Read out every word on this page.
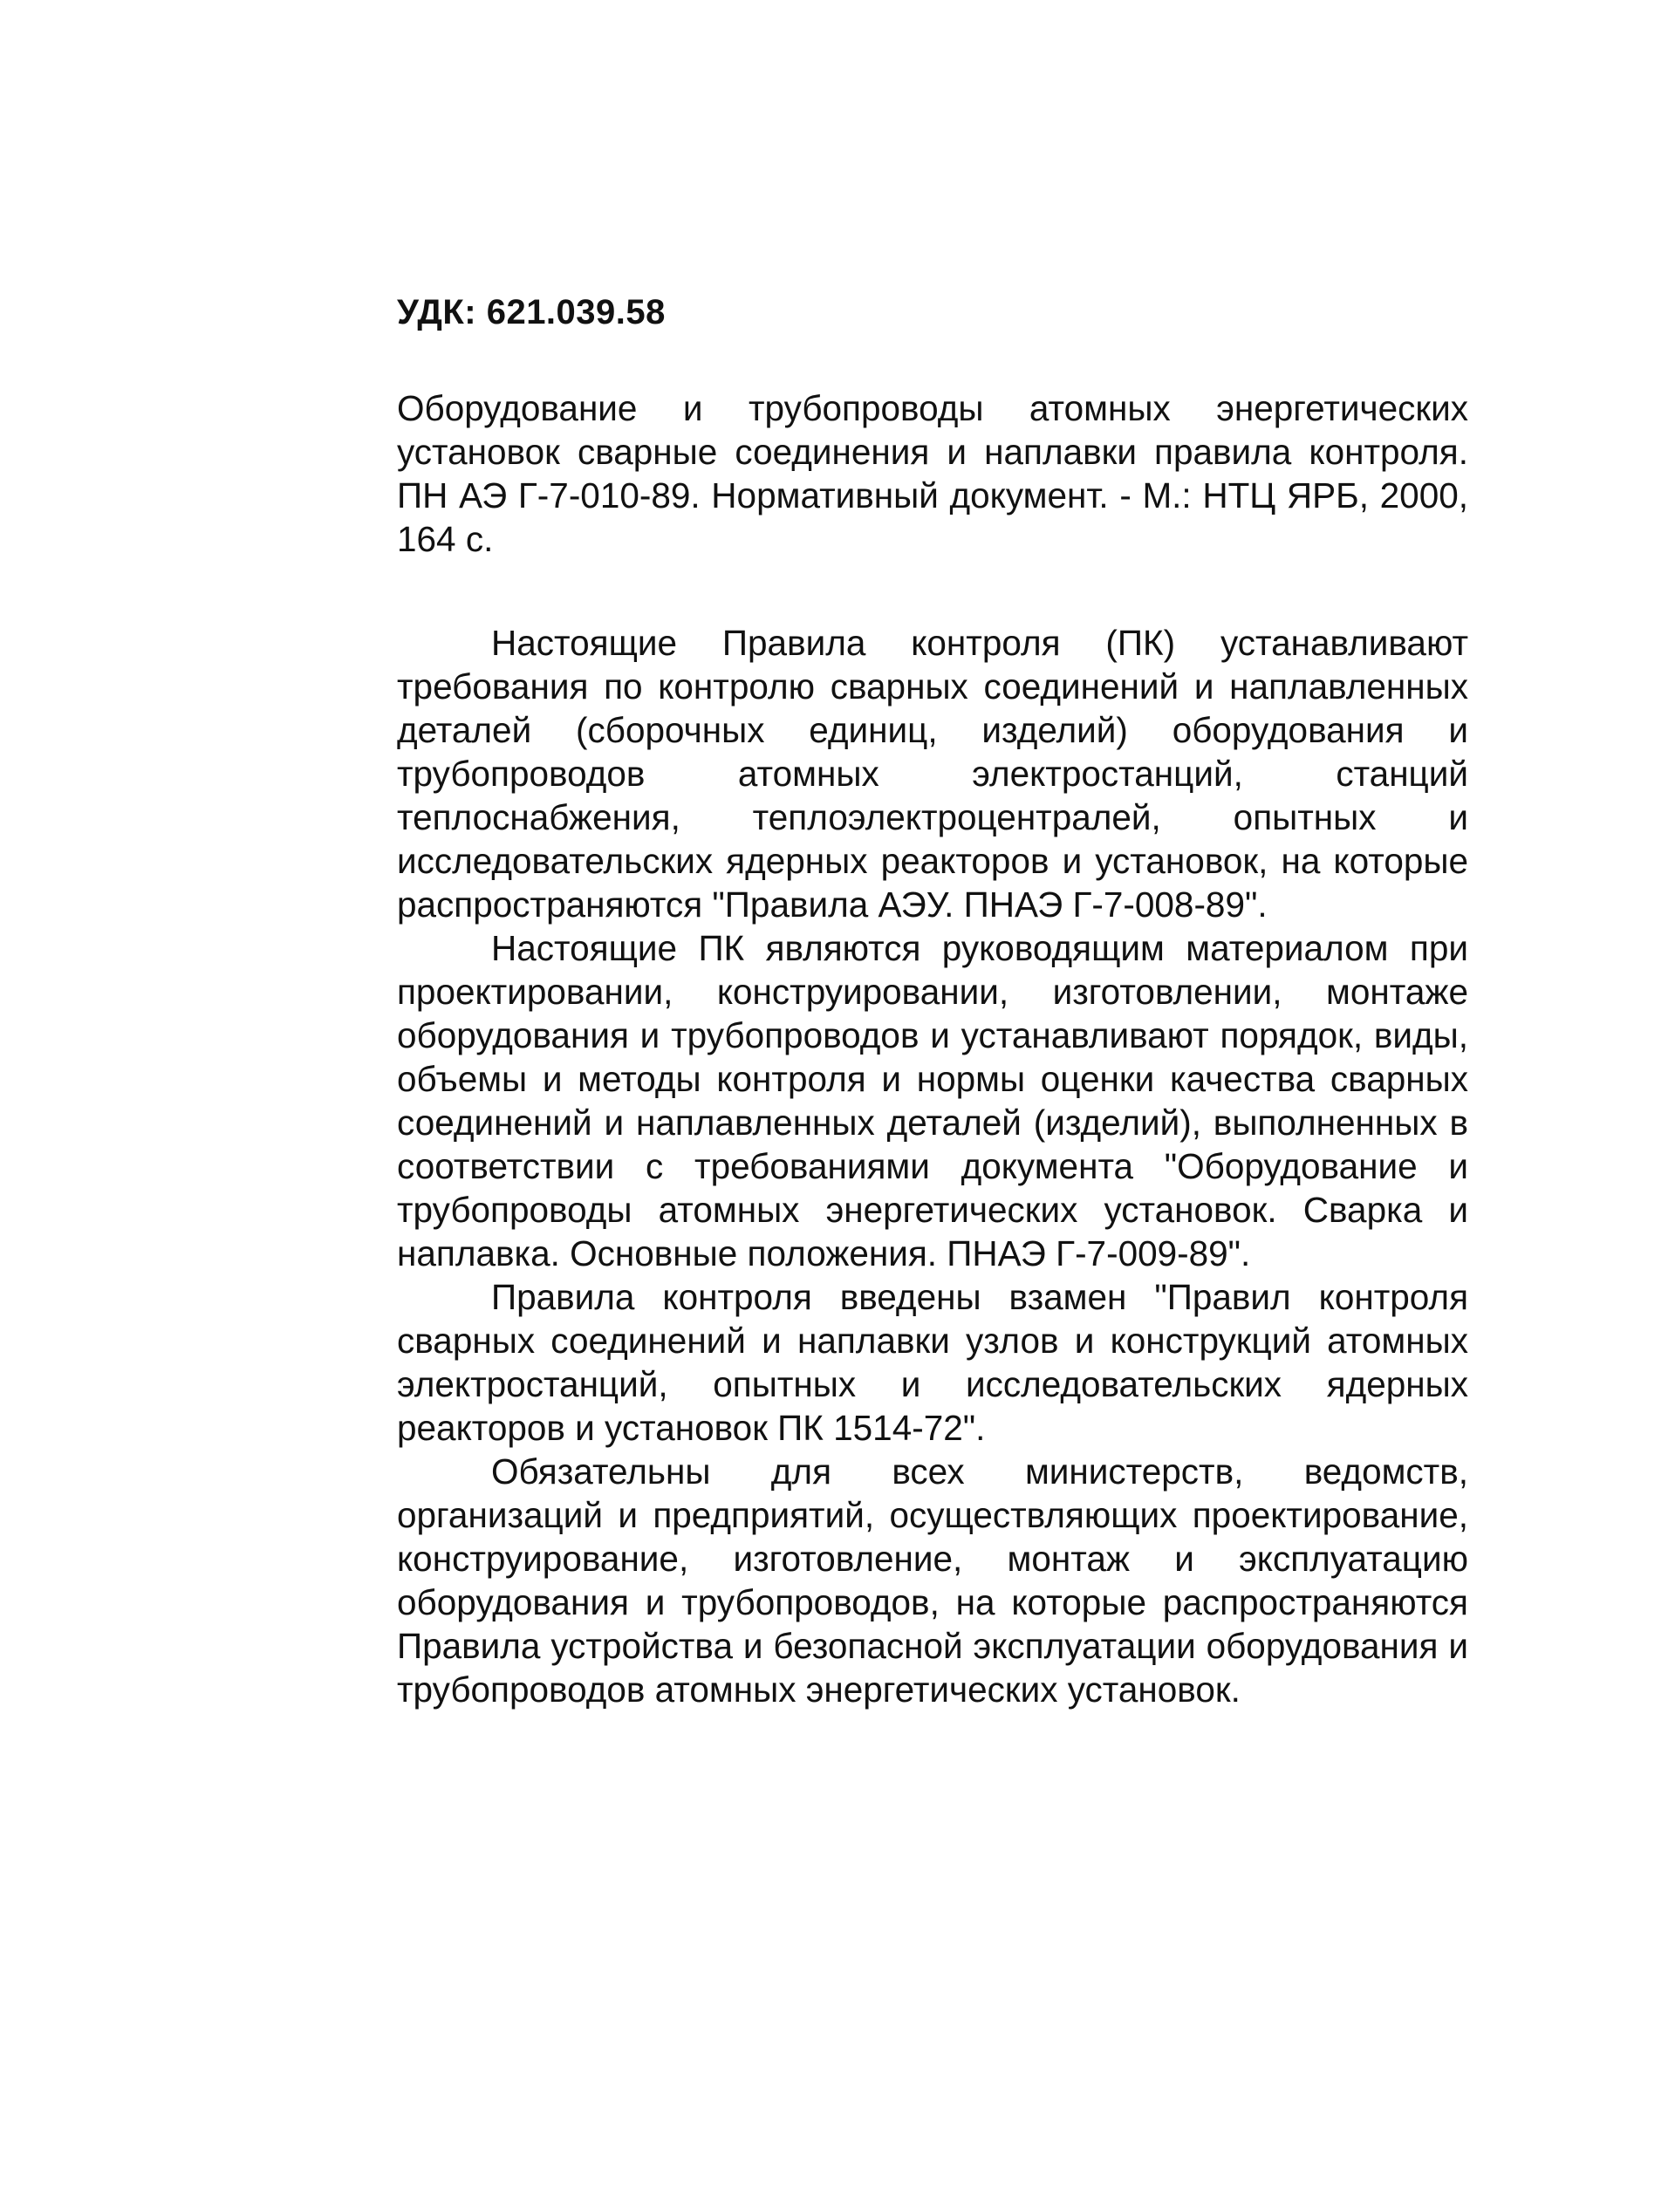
УДК: 621.039.58

Оборудование и трубопроводы атомных энергетических установок сварные соединения и наплавки правила контроля. ПН АЭ Г-7-010-89. Нормативный документ. - М.: НТЦ ЯРБ, 2000, 164 с.

Настоящие Правила контроля (ПК) устанавливают требования по контролю сварных соединений и наплавленных деталей (сборочных единиц, изделий) оборудования и трубопроводов атомных электростанций, станций теплоснабжения, теплоэлектроцентралей, опытных и исследовательских ядерных реакторов и установок, на которые распространяются "Правила АЭУ. ПНАЭ Г-7-008-89".

Настоящие ПК являются руководящим материалом при проектировании, конструировании, изготовлении, монтаже оборудования и трубопроводов и устанавливают порядок, виды, объемы и методы контроля и нормы оценки качества сварных соединений и наплавленных деталей (изделий), выполненных в соответствии с требованиями документа "Оборудование и трубопроводы атомных энергетических установок. Сварка и наплавка. Основные положения. ПНАЭ Г-7-009-89".

Правила контроля введены взамен "Правил контроля сварных соединений и наплавки узлов и конструкций атомных электростанций, опытных и исследовательских ядерных реакторов и установок ПК 1514-72".

Обязательны для всех министерств, ведомств, организаций и предприятий, осуществляющих проектирование, конструирование, изготовление, монтаж и эксплуатацию оборудования и трубопроводов, на которые распространяются Правила устройства и безопасной эксплуатации оборудования и трубопроводов атомных энергетических установок.
